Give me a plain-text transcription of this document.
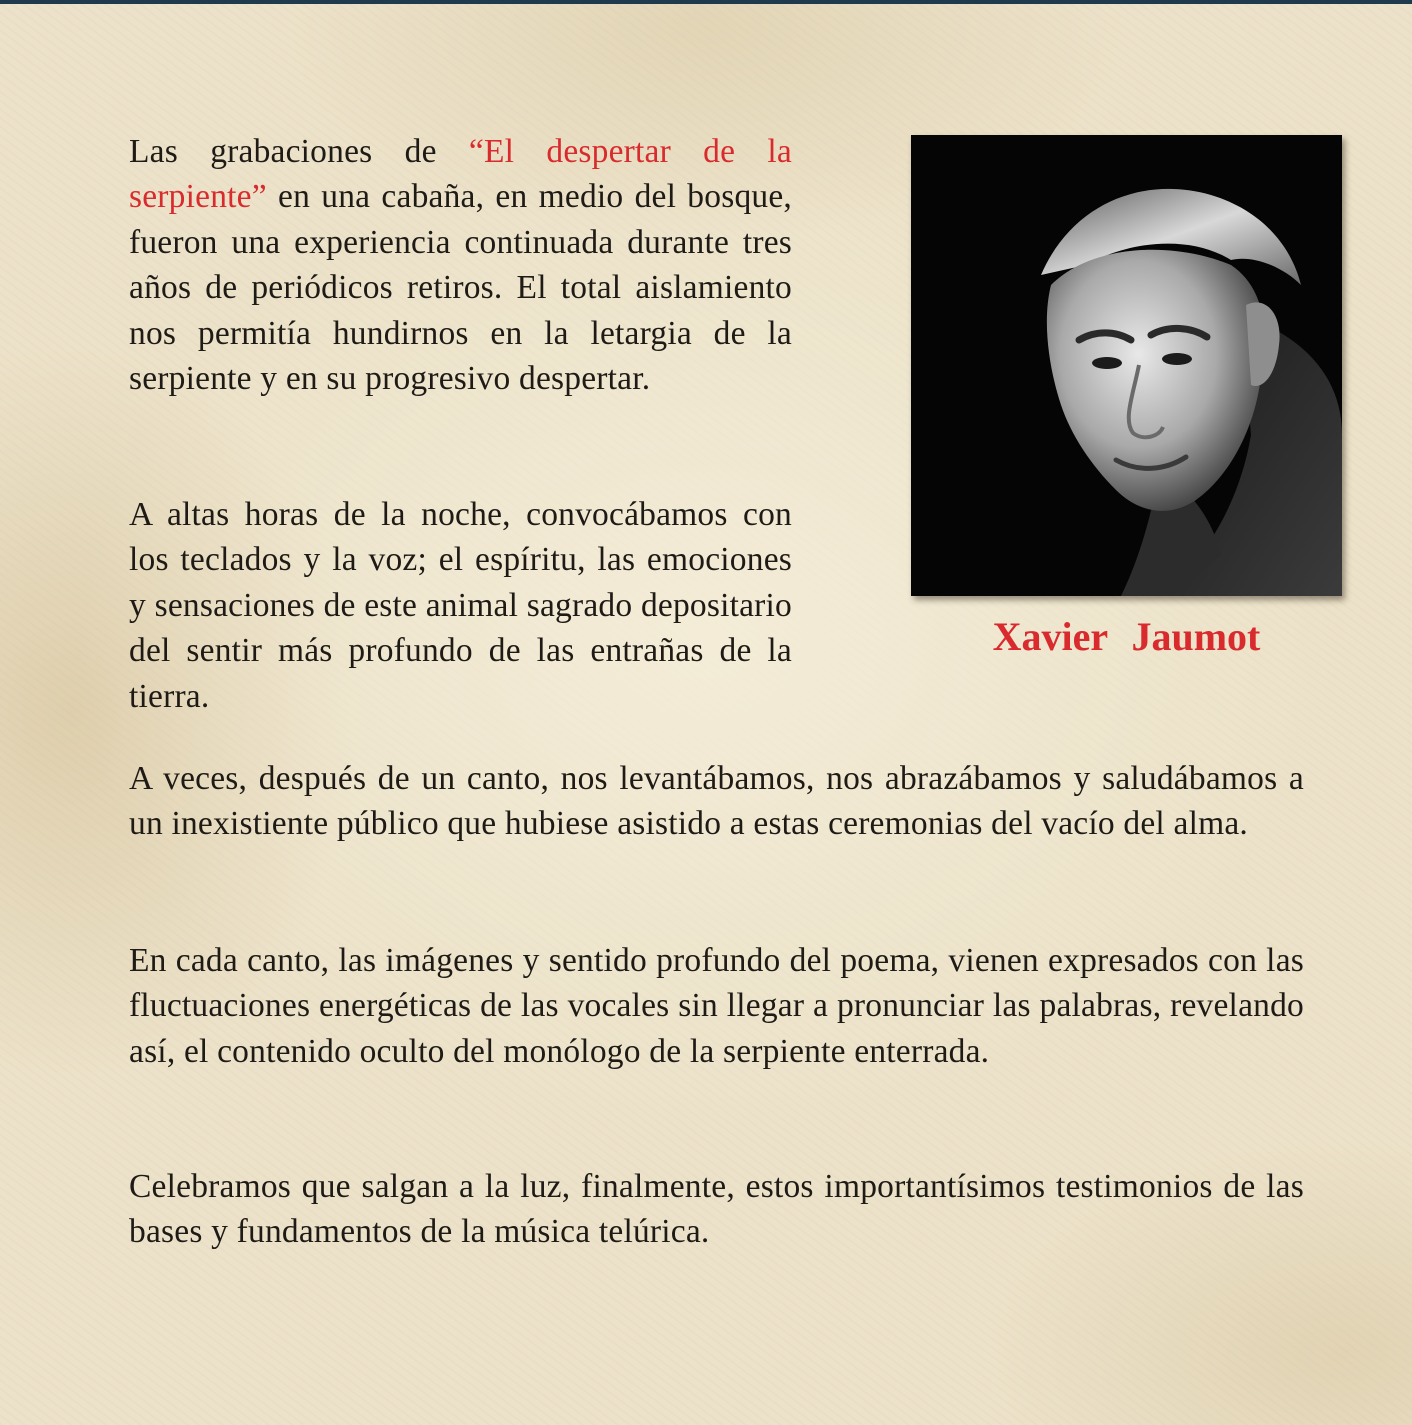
Las grabaciones de “El despertar de la serpiente” en una cabaña, en medio del bosque, fueron una experiencia continuada durante tres años de periódicos retiros. El total aislamiento nos permitía hundirnos en la letargia de la serpiente y en su progresivo despertar.

A altas horas de la noche, convocábamos con los teclados y la voz; el espíritu, las emociones y sensaciones de este animal sagrado depositario del sentir más profundo de las entrañas de la tierra.

Xavier Jaumot

A veces, después de un canto, nos levantábamos, nos abrazábamos y saludábamos a un inexistiente público que hubiese asistido a estas ceremonias del vacío del alma.

En cada canto, las imágenes y sentido profundo del poema, vienen expresados con las fluctuaciones energéticas de las vocales sin llegar a pronunciar las palabras, revelando así, el contenido oculto del monólogo de la serpiente enterrada.

Celebramos que salgan a la luz, finalmente, estos importantísimos testimonios de las bases y fundamentos de la música telúrica.
